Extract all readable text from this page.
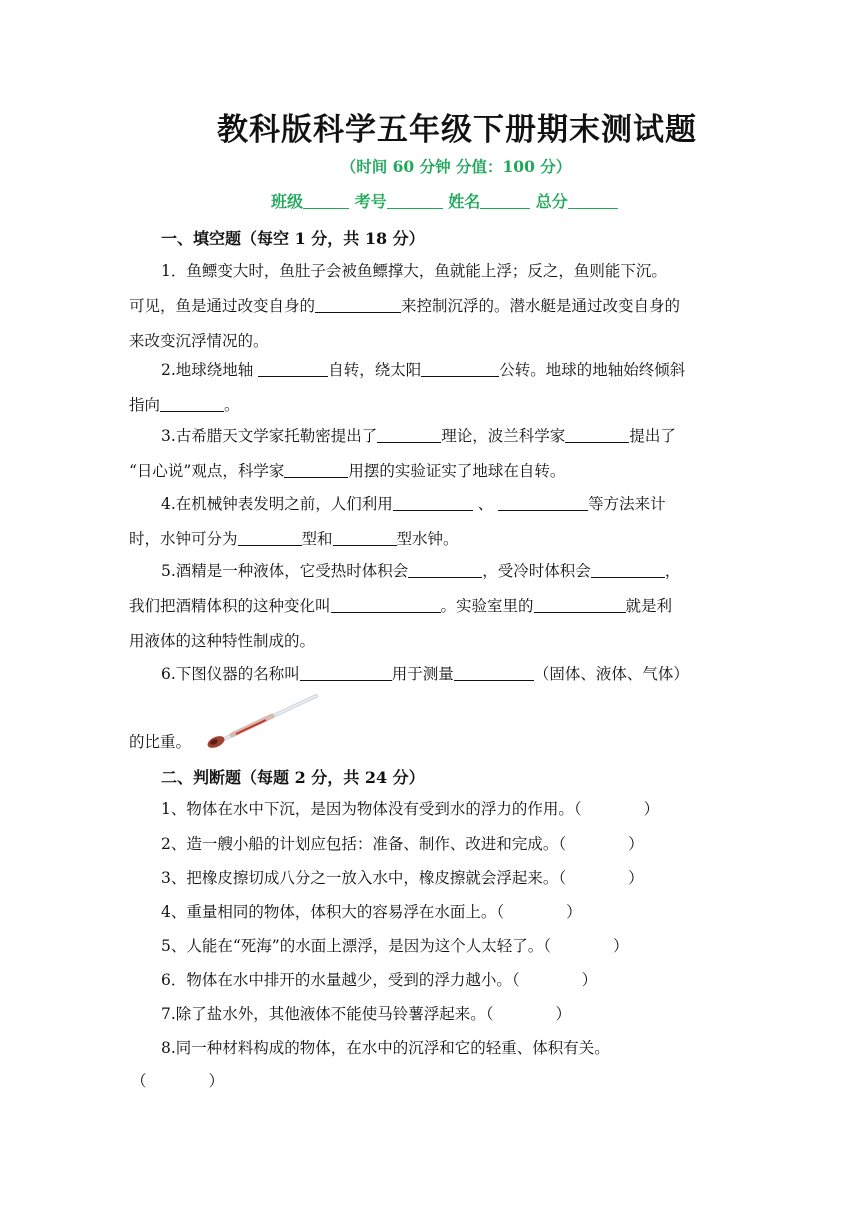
教科版科学五年级下册期末测试题
（时间 60 分钟 分值：100 分）
班级	考号	姓名	总分
一、填空题（每空 1 分，共 18 分）
1．鱼鳔变大时，鱼肚子会被鱼鳔撑大，鱼就能上浮；反之，鱼则能下沉。
可见，鱼是通过改变自身的	来控制沉浮的。潜水艇是通过改变自身的
来改变沉浮情况的。
2.地球绕地轴	自转，绕太阳	公转。地球的地轴始终倾斜
指向	。
3.古希腊天文学家托勒密提出了	理论，波兰科学家	提出了
“日心说”观点，科学家	用摆的实验证实了地球在自转。
4.在机械钟表发明之前，人们利用	、	等方法来计
时，水钟可分为	型和	型水钟。
5.酒精是一种液体，它受热时体积会	，受冷时体积会	，
我们把酒精体积的这种变化叫	。实验室里的	就是利
用液体的这种特性制成的。
6.下图仪器的名称叫	用于测量	（固体、液体、气体）
的比重。
二、判断题（每题 2 分，共 24 分）
1、物体在水中下沉，是因为物体没有受到水的浮力的作用。（　　　　）
2、造一艘小船的计划应包括：准备、制作、改进和完成。（　　　　）
3、把橡皮擦切成八分之一放入水中，橡皮擦就会浮起来。（　　　　）
4、重量相同的物体，体积大的容易浮在水面上。（　　　　）
5、人能在“死海”的水面上漂浮，是因为这个人太轻了。（　　　　）
6．物体在水中排开的水量越少，受到的浮力越小。（　　　　）
7.除了盐水外，其他液体不能使马铃薯浮起来。（　　　　）
8.同一种材料构成的物体，在水中的沉浮和它的轻重、体积有关。
（　　　　）
